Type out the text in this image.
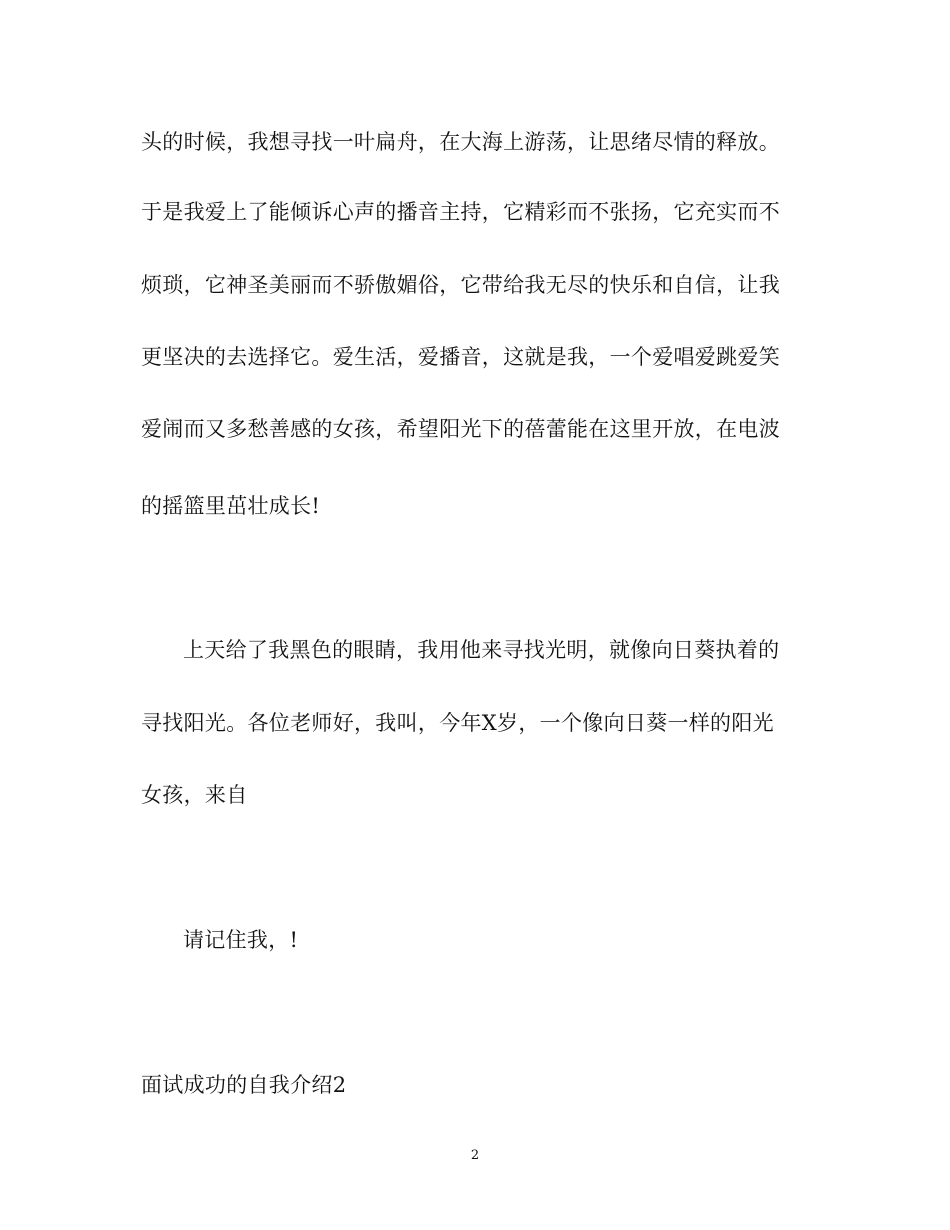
头的时候，我想寻找一叶扁舟，在大海上游荡，让思绪尽情的释放。
于是我爱上了能倾诉心声的播音主持，它精彩而不张扬，它充实而不
烦琐，它神圣美丽而不骄傲媚俗，它带给我无尽的快乐和自信，让我
更坚决的去选择它。爱生活，爱播音，这就是我，一个爱唱爱跳爱笑
爱闹而又多愁善感的女孩，希望阳光下的蓓蕾能在这里开放，在电波
的摇篮里茁壮成长!
上天给了我黑色的眼睛，我用他来寻找光明，就像向日葵执着的
寻找阳光。各位老师好，我叫，今年X岁，一个像向日葵一样的阳光
女孩，来自
请记住我，!
面试成功的自我介绍2
2
